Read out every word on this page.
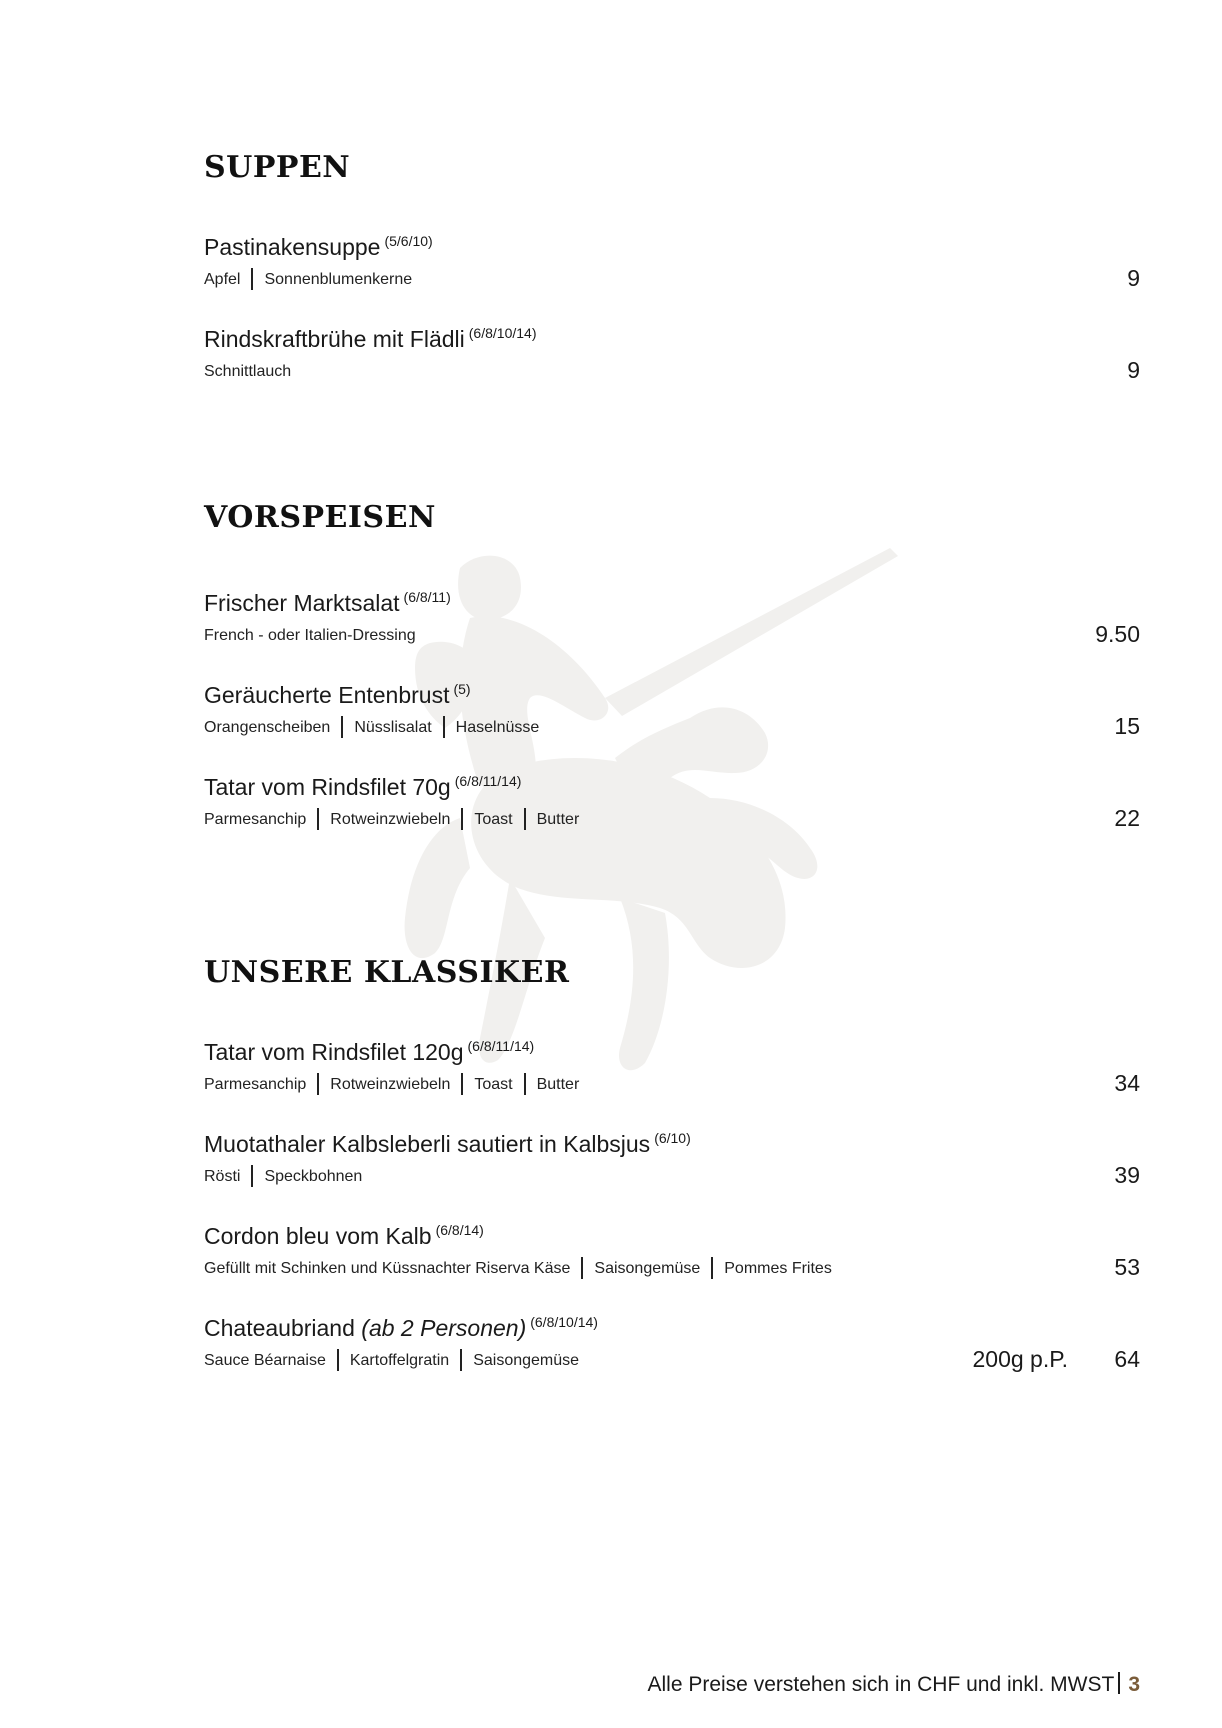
SUPPEN
Pastinakensuppe $^{(5/6/10)}$
Apfel Sonnenblumenkerne	9
Rindskraftbrühe mit Flädli $^{(6/8/10/14)}$
Schnittlauch	9
VORSPEISEN
Frischer Marktsalat $^{(6/8/11)}$
French - oder Italien-Dressing	9.50
Geräucherte Entenbrust $^{(5)}$
Orangenscheiben Nüsslisalat Haselnüsse	15
Tatar vom Rindsfilet 70g $^{(6/8/11/14)}$
Parmesanchip Rotweinzwiebeln Toast Butter	22
UNSERE KLASSIKER
Tatar vom Rindsfilet 120g $^{(6/8/11/14)}$
Parmesanchip Rotweinzwiebeln Toast Butter	34
Muotathaler Kalbsleberli sautiert in Kalbsjus $^{(6/10)}$
Rösti Speckbohnen	39
Cordon bleu vom Kalb $^{(6/8/14)}$
Gefüllt mit Schinken und Küssnachter Riserva Käse Saisongemüse Pommes Frites	53
Chateaubriand (ab 2 Personen) $^{(6/8/10/14)}$
Sauce Béarnaise Kartoffelgratin Saisongemüse	200g p.P. 64
Alle Preise verstehen sich in CHF und inkl. MWST 3
